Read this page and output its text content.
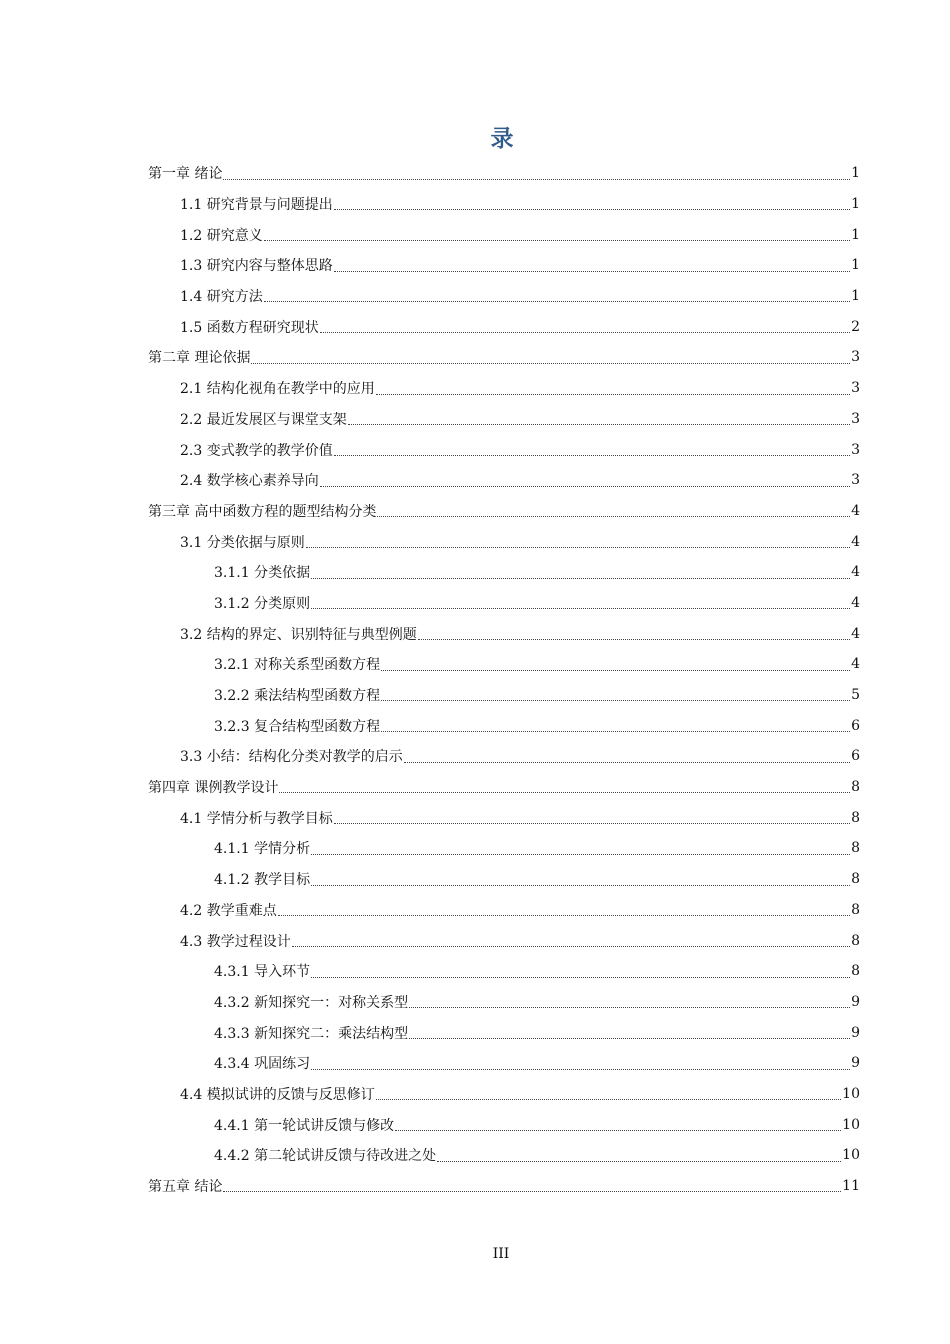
录
第一章 绪论	1
1.1 研究背景与问题提出	1
1.2 研究意义	1
1.3 研究内容与整体思路	1
1.4 研究方法	1
1.5 函数方程研究现状	2
第二章 理论依据	3
2.1 结构化视角在教学中的应用	3
2.2 最近发展区与课堂支架	3
2.3 变式教学的教学价值	3
2.4 数学核心素养导向	3
第三章 高中函数方程的题型结构分类	4
3.1 分类依据与原则	4
3.1.1 分类依据	4
3.1.2 分类原则	4
3.2 结构的界定、识别特征与典型例题	4
3.2.1 对称关系型函数方程	4
3.2.2 乘法结构型函数方程	5
3.2.3 复合结构型函数方程	6
3.3 小结：结构化分类对教学的启示	6
第四章 课例教学设计	8
4.1 学情分析与教学目标	8
4.1.1 学情分析	8
4.1.2 教学目标	8
4.2 教学重难点	8
4.3 教学过程设计	8
4.3.1 导入环节	8
4.3.2 新知探究一：对称关系型	9
4.3.3 新知探究二：乘法结构型	9
4.3.4 巩固练习	9
4.4 模拟试讲的反馈与反思修订	10
4.4.1 第一轮试讲反馈与修改	10
4.4.2 第二轮试讲反馈与待改进之处	10
第五章 结论	11
III
